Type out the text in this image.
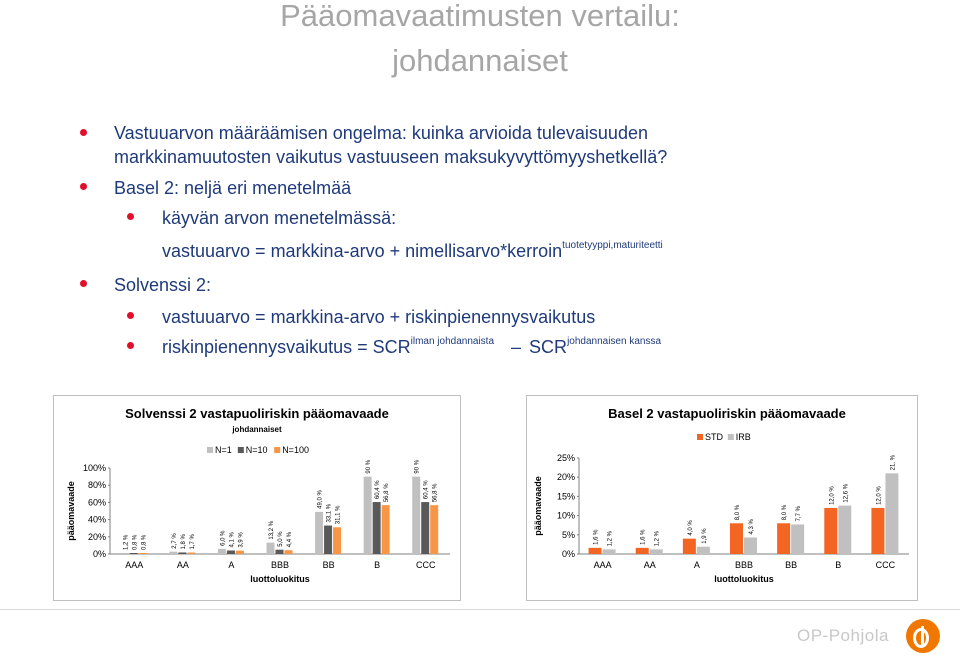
Pääomavaatimusten vertailu:
johdannaiset
Vastuuarvon määräämisen ongelma: kuinka arvioida tulevaisuuden
markkinamuutosten vaikutus vastuuseen maksukyvyttömyyshetkellä?
Basel 2: neljä eri menetelmää
käyvän arvon menetelmässä:
vastuuarvo = markkina-arvo + nimellisarvo*kerroin$^{tuotetyyppi,maturiteetti}$
Solvenssi 2:
vastuuarvo = markkina-arvo + riskinpienennysvaikutus
riskinpienennysvaikutus = $SCR^{ilman johdannaista} - SCR^{johdannaisen kanssa}$
Solvenssi 2 vastapuoliriskin pääomavaade
johdannaiset
N=1 N=10 N=100
0%
20%
40%
60%
80%
100%
pääomavaade
AAA
1,2 % 0,8 % 0,8 %
AA
2,7 % 1,8 % 1,7 %
A
6,0 % 4,1 % 3,9 %
BBB
13,2 % 5,0 % 4,4 %
BB
49,0 %
33,1 % 31,1 %
B
90 %
60,4 % 56,8 %
CCC
90 %
60,4 % 56,8 %
luottoluokitus
Basel 2 vastapuoliriskin pääomavaade
STD IRB
0%
5%
10%
15%
20%
25%
pääomavaade
AAA
1,6 % 1,2 %
AA
1,6 % 1,2 %
A
4,0 %
1,9 %
BBB
8,0 %
4,3 %
BB
8,0 % 7,7 %
B
12,0 % 12,6 %
CCC
12,0 %
21, %
luottoluokitus
OP-Pohjola
